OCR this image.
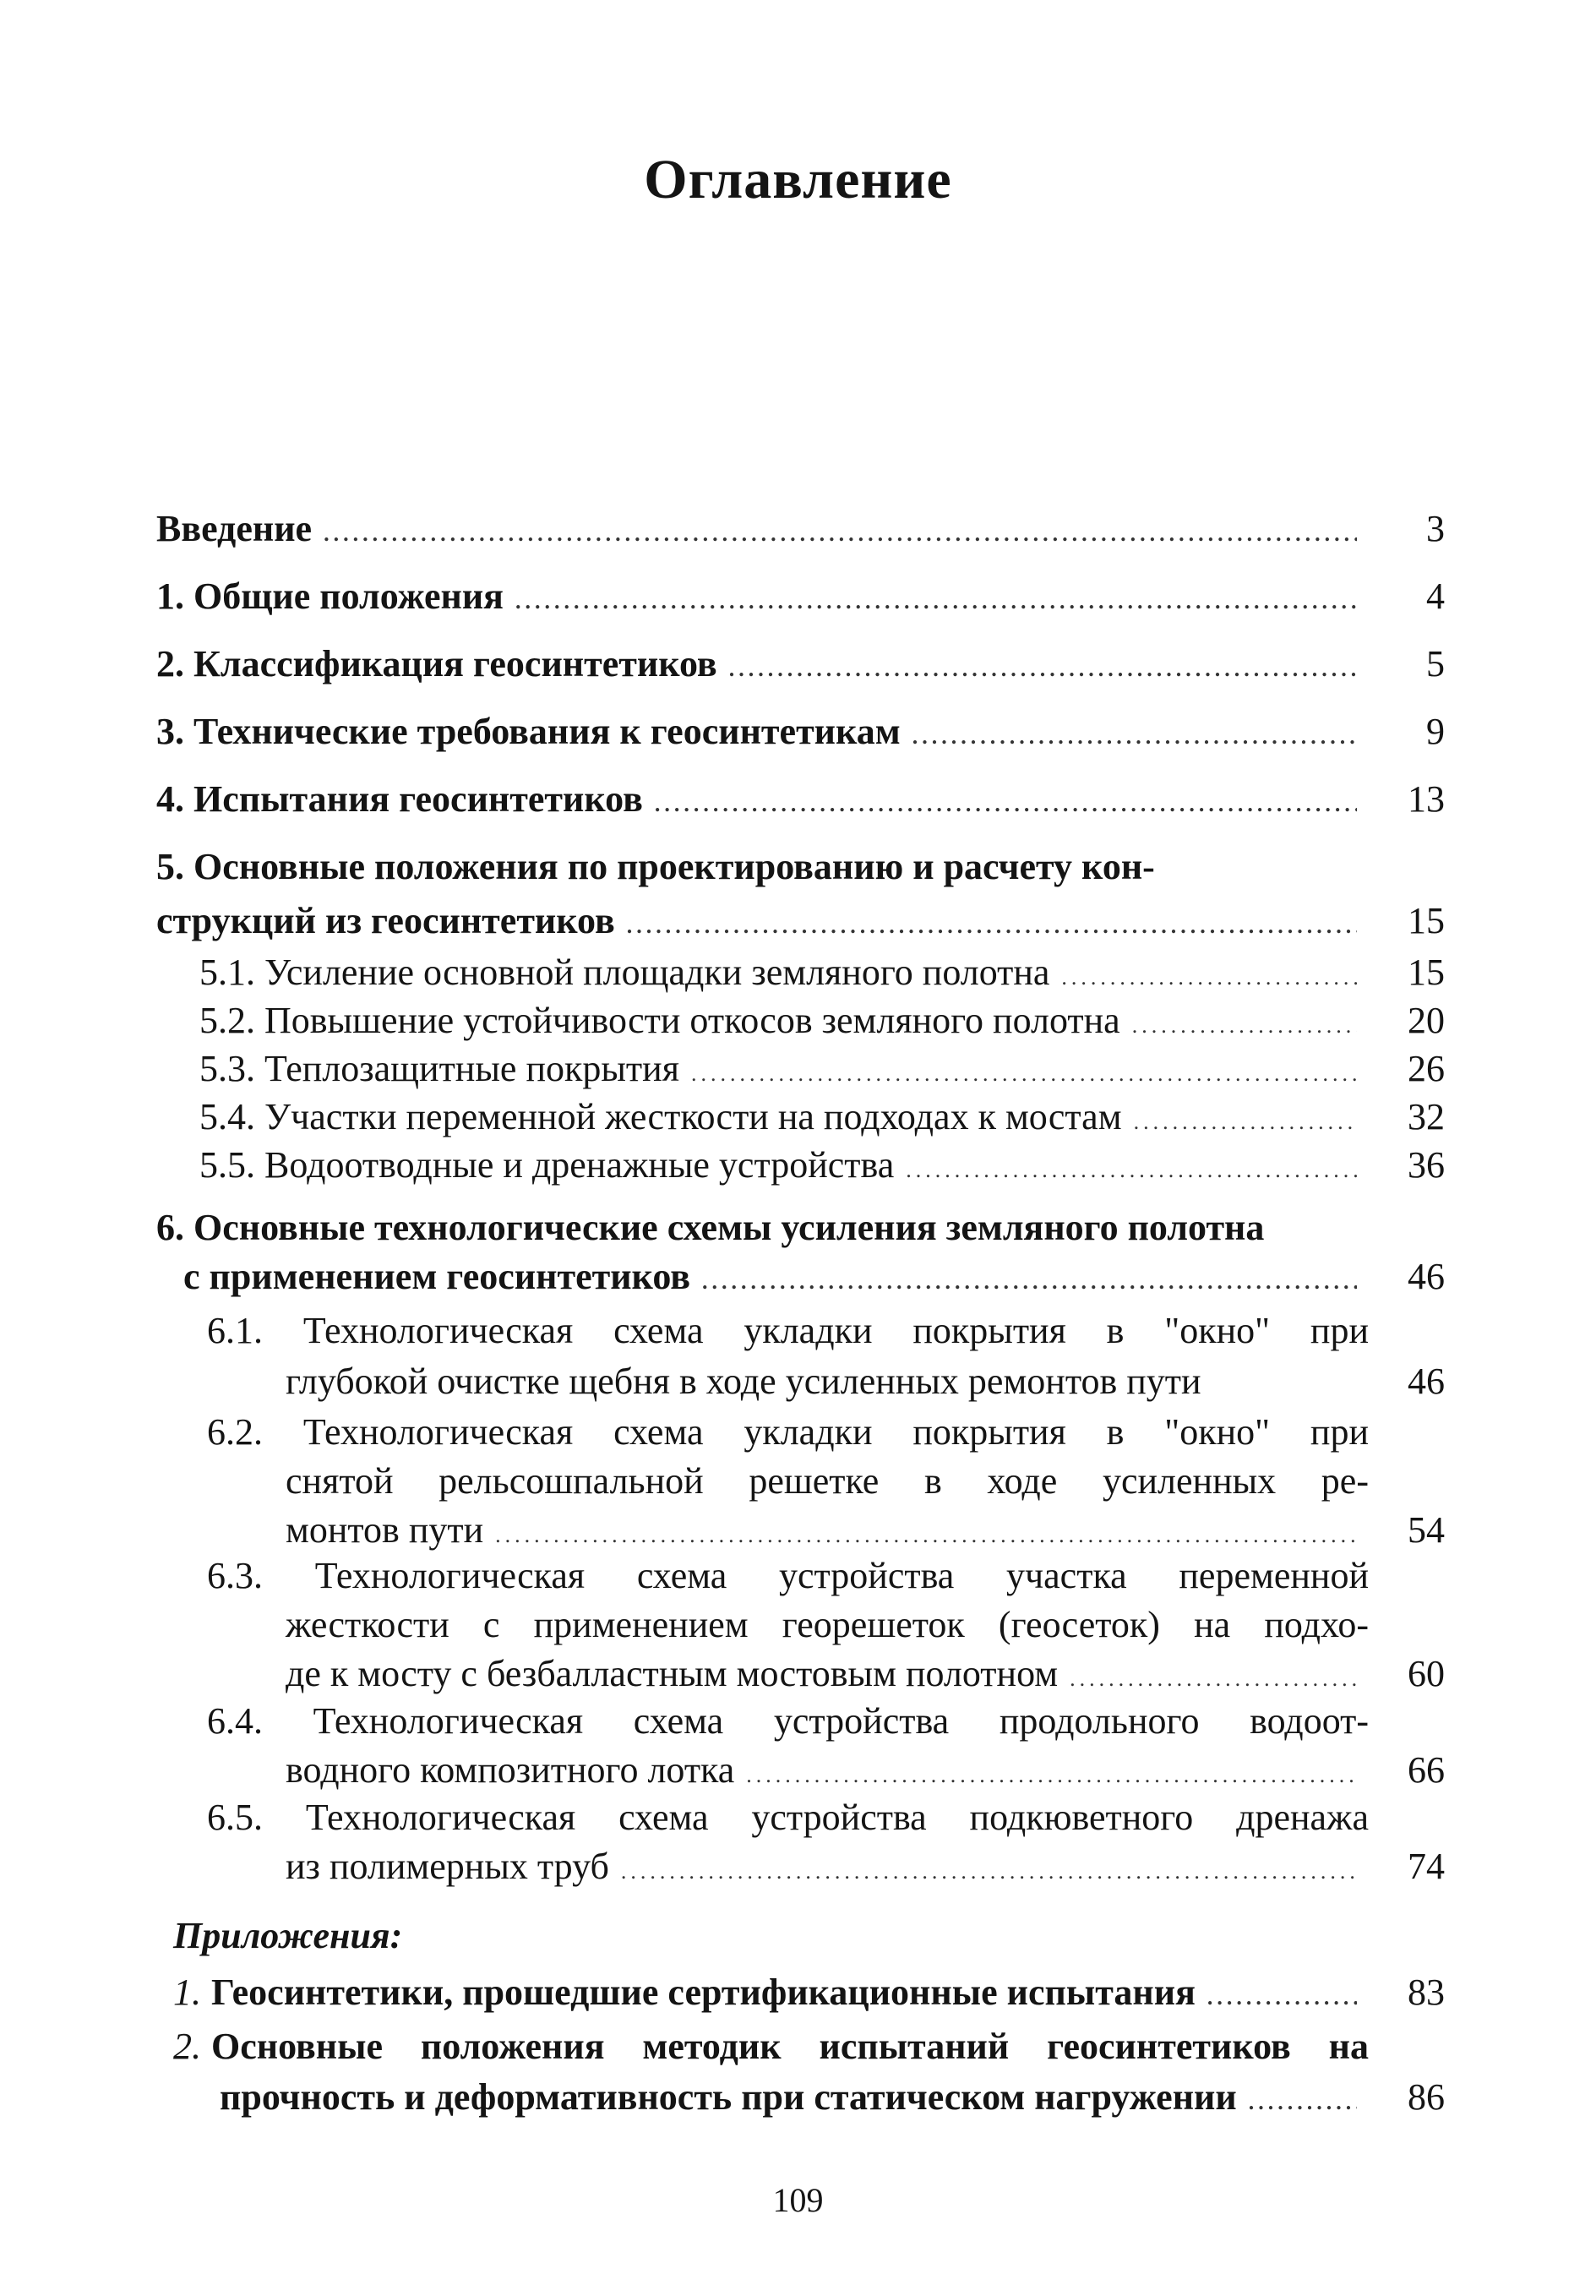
Оглавление
Введение .....	3
1. Общие положения .....	4
2. Классификация геосинтетиков .....	5
3. Технические требования к геосинтетикам .....	9
4. Испытания геосинтетиков .....	13
5. Основные положения по проектированию и расчету кон-
струкций из геосинтетиков .....	15
5.1. Усиление основной площадки земляного полотна .....	15
5.2. Повышение устойчивости откосов земляного полотна .....	20
5.3. Теплозащитные покрытия .....	26
5.4. Участки переменной жесткости на подходах к мостам .....	32
5.5. Водоотводные и дренажные устройства .....	36
6. Основные технологические схемы усиления земляного полотна
с применением геосинтетиков .....	46
6.1. Технологическая схема укладки покрытия в "окно" при
глубокой очистке щебня в ходе усиленных ремонтов пути	46
6.2. Технологическая схема укладки покрытия в "окно" при
снятой рельсошпальной решетке в ходе усиленных ре-
монтов пути .....	54
6.3. Технологическая схема устройства участка переменной
жесткости с применением георешеток (геосеток) на подхо-
де к мосту с безбалластным мостовым полотном .....	60
6.4. Технологическая схема устройства продольного водоот-
водного композитного лотка .....	66
6.5. Технологическая схема устройства подкюветного дренажа
из полимерных труб .....	74
Приложения:
1. Геосинтетики, прошедшие сертификационные испытания .....	83
2. Основные положения методик испытаний геосинтетиков на
прочность и деформативность при статическом нагружении .....	86
109
